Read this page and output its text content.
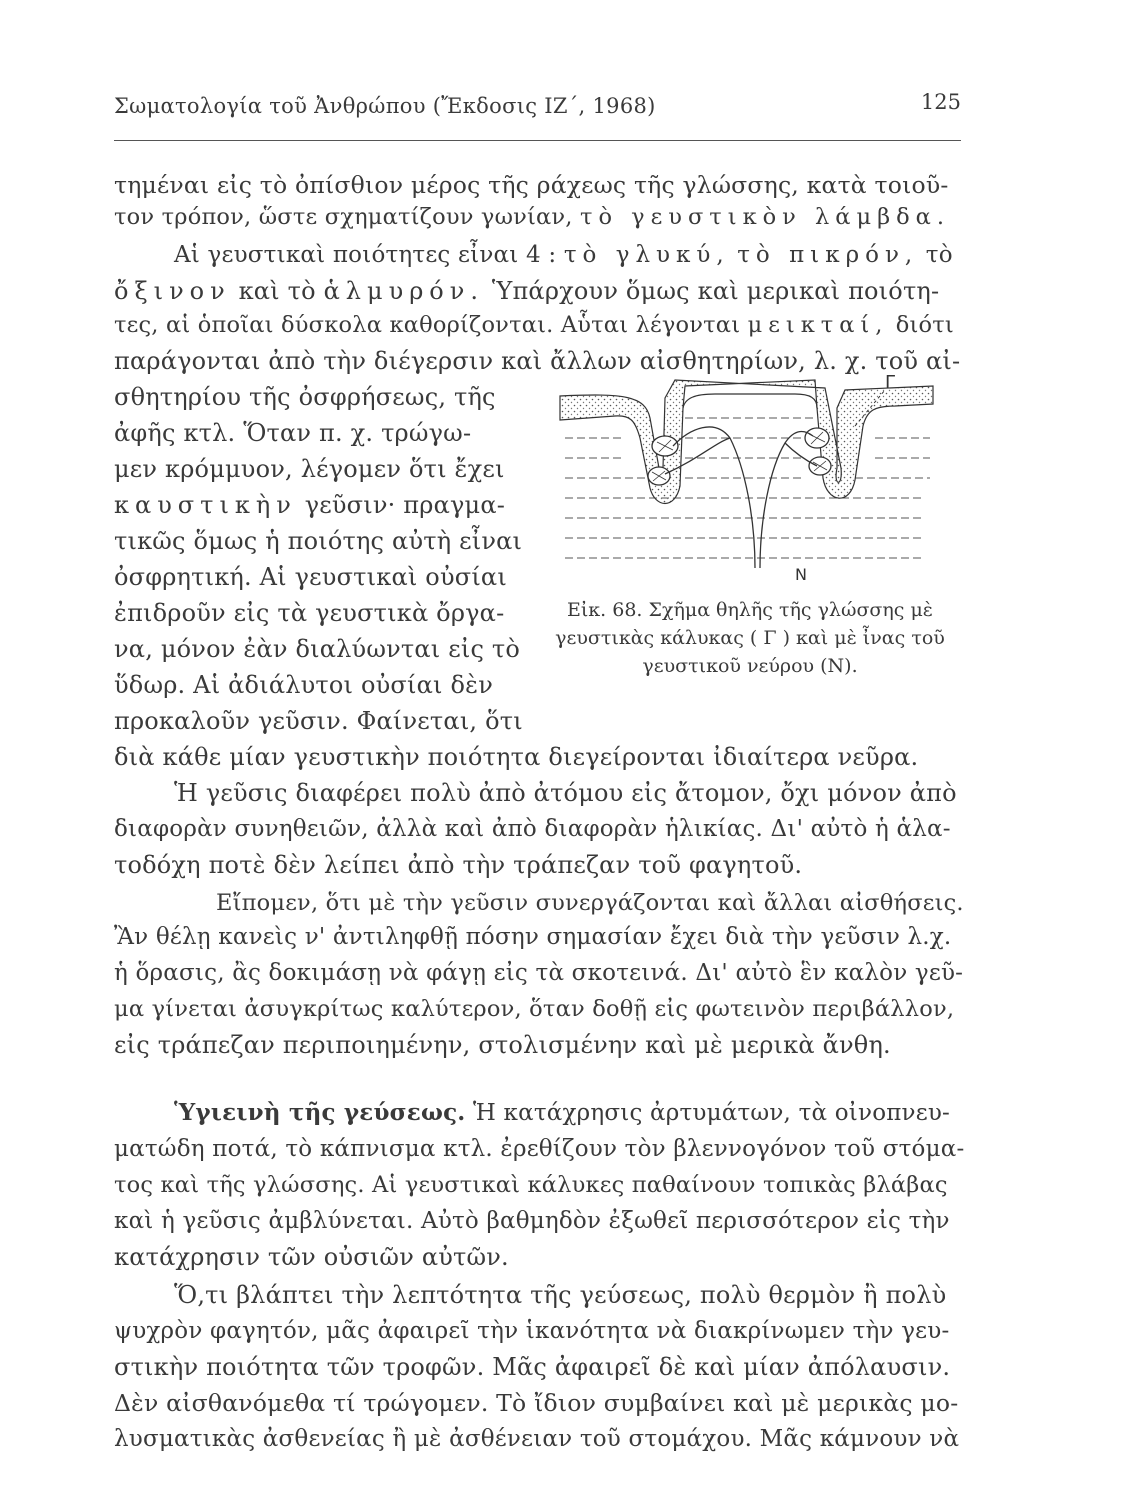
Σωματολογία τοῦ Ἀνθρώπου (Ἔκδοσις ΙΖ΄, 1968)	125
τημέναι εἰς τὸ ὀπίσθιον μέρος τῆς ράχεως τῆς γλώσσης, κατὰ τοιοῦ-
τον τρόπον, ὥστε σχηματίζουν γωνίαν, τὸ γευστικὸν λάμβδα.
Αἱ γευστικαὶ ποιότητες εἶναι 4 : τὸ γλυκύ, τὸ πικρόν, τὸ
ὄξινον καὶ τὸ ἁλμυρόν. Ὑπάρχουν ὅμως καὶ μερικαὶ ποιότη-
τες, αἱ ὁποῖαι δύσκολα καθορίζονται. Αὗται λέγονται μεικταί, διότι
παράγονται ἀπὸ τὴν διέγερσιν καὶ ἄλλων αἰσθητηρίων, λ. χ. τοῦ αἰ-
σθητηρίου τῆς ὀσφρήσεως, τῆς
ἀφῆς κτλ. Ὅταν π. χ. τρώγω-
μεν κρόμμυον, λέγομεν ὅτι ἔχει
καυστικὴν γεῦσιν· πραγμα-
τικῶς ὅμως ἡ ποιότης αὐτὴ εἶναι
ὀσφρητική. Αἱ γευστικαὶ οὐσίαι
ἐπιδροῦν εἰς τὰ γευστικὰ ὄργα-
να, μόνον ἐὰν διαλύωνται εἰς τὸ
ὕδωρ. Αἱ ἀδιάλυτοι οὐσίαι δὲν
προκαλοῦν γεῦσιν. Φαίνεται, ὅτι
διὰ κάθε μίαν γευστικὴν ποιότητα διεγείρονται ἰδιαίτερα νεῦρα.
Γ
Ν
Εἰκ. 68. Σχῆμα θηλῆς τῆς γλώσσης μὲ
γευστικὰς κάλυκας ( Γ ) καὶ μὲ ἶνας τοῦ
γευστικοῦ νεύρου (Ν).
Ἡ γεῦσις διαφέρει πολὺ ἀπὸ ἀτόμου εἰς ἄτομον, ὄχι μόνον ἀπὸ
διαφορὰν συνηθειῶν, ἀλλὰ καὶ ἀπὸ διαφορὰν ἡλικίας. Δι' αὐτὸ ἡ ἁλα-
τοδόχη ποτὲ δὲν λείπει ἀπὸ τὴν τράπεζαν τοῦ φαγητοῦ.
Εἴπομεν, ὅτι μὲ τὴν γεῦσιν συνεργάζονται καὶ ἄλλαι αἰσθήσεις.
Ἂν θέλῃ κανεὶς ν' ἀντιληφθῇ πόσην σημασίαν ἔχει διὰ τὴν γεῦσιν λ.χ.
ἡ ὅρασις, ἂς δοκιμάσῃ νὰ φάγῃ εἰς τὰ σκοτεινά. Δι' αὐτὸ ἓν καλὸν γεῦ-
μα γίνεται ἀσυγκρίτως καλύτερον, ὅταν δοθῇ εἰς φωτεινὸν περιβάλλον,
εἰς τράπεζαν περιποιημένην, στολισμένην καὶ μὲ μερικὰ ἄνθη.
Ὑγιεινὴ τῆς γεύσεως. Ἡ κατάχρησις ἀρτυμάτων, τὰ οἰνοπνευ-
ματώδη ποτά, τὸ κάπνισμα κτλ. ἐρεθίζουν τὸν βλεννογόνον τοῦ στόμα-
τος καὶ τῆς γλώσσης. Αἱ γευστικαὶ κάλυκες παθαίνουν τοπικὰς βλάβας
καὶ ἡ γεῦσις ἀμβλύνεται. Αὐτὸ βαθμηδὸν ἐξωθεῖ περισσότερον εἰς τὴν
κατάχρησιν τῶν οὐσιῶν αὐτῶν.
Ὅ,τι βλάπτει τὴν λεπτότητα τῆς γεύσεως, πολὺ θερμὸν ἢ πολὺ
ψυχρὸν φαγητόν, μᾶς ἀφαιρεῖ τὴν ἱκανότητα νὰ διακρίνωμεν τὴν γευ-
στικὴν ποιότητα τῶν τροφῶν. Μᾶς ἀφαιρεῖ δὲ καὶ μίαν ἀπόλαυσιν.
Δὲν αἰσθανόμεθα τί τρώγομεν. Τὸ ἴδιον συμβαίνει καὶ μὲ μερικὰς μο-
λυσματικὰς ἀσθενείας ἢ μὲ ἀσθένειαν τοῦ στομάχου. Μᾶς κάμνουν νὰ
